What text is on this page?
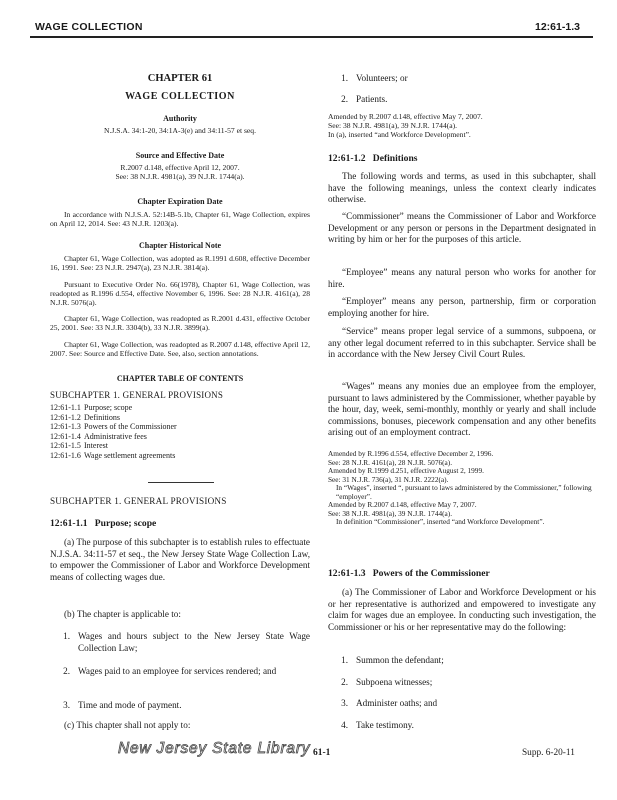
WAGE COLLECTION	12:61-1.3
CHAPTER 61
WAGE COLLECTION
Authority
N.J.S.A. 34:1-20, 34:1A-3(e) and 34:11-57 et seq.
Source and Effective Date
R.2007 d.148, effective April 12, 2007.
See: 38 N.J.R. 4981(a), 39 N.J.R. 1744(a).
Chapter Expiration Date
In accordance with N.J.S.A. 52:14B-5.1b, Chapter 61, Wage Collection, expires on April 12, 2014. See: 43 N.J.R. 1203(a).
Chapter Historical Note
Chapter 61, Wage Collection, was adopted as R.1991 d.608, effective December 16, 1991. See: 23 N.J.R. 2947(a), 23 N.J.R. 3814(a).
Pursuant to Executive Order No. 66(1978), Chapter 61, Wage Collection, was readopted as R.1996 d.554, effective November 6, 1996. See: 28 N.J.R. 4161(a), 28 N.J.R. 5076(a).
Chapter 61, Wage Collection, was readopted as R.2001 d.431, effective October 25, 2001. See: 33 N.J.R. 3304(b), 33 N.J.R. 3899(a).
Chapter 61, Wage Collection, was readopted as R.2007 d.148, effective April 12, 2007. See: Source and Effective Date. See, also, section annotations.
CHAPTER TABLE OF CONTENTS
SUBCHAPTER 1. GENERAL PROVISIONS
12:61-1.1 Purpose; scope
12:61-1.2 Definitions
12:61-1.3 Powers of the Commissioner
12:61-1.4 Administrative fees
12:61-1.5 Interest
12:61-1.6 Wage settlement agreements
SUBCHAPTER 1. GENERAL PROVISIONS
12:61-1.1   Purpose; scope
(a) The purpose of this subchapter is to establish rules to effectuate N.J.S.A. 34:11-57 et seq., the New Jersey State Wage Collection Law, to empower the Commissioner of Labor and Workforce Development means of collecting wages due.
(b) The chapter is applicable to:
1. Wages and hours subject to the New Jersey State Wage Collection Law;
2. Wages paid to an employee for services rendered; and
3. Time and mode of payment.
(c) This chapter shall not apply to:
1. Volunteers; or
2. Patients.
Amended by R.2007 d.148, effective May 7, 2007.
See: 38 N.J.R. 4981(a), 39 N.J.R. 1744(a).
In (a), inserted “and Workforce Development”.
12:61-1.2   Definitions
The following words and terms, as used in this subchapter, shall have the following meanings, unless the context clearly indicates otherwise.
“Commissioner” means the Commissioner of Labor and Workforce Development or any person or persons in the Department designated in writing by him or her for the purposes of this article.
“Employee” means any natural person who works for another for hire.
“Employer” means any person, partnership, firm or corporation employing another for hire.
“Service” means proper legal service of a summons, subpoena, or any other legal document referred to in this subchapter. Service shall be in accordance with the New Jersey Civil Court Rules.
“Wages” means any monies due an employee from the employer, pursuant to laws administered by the Commissioner, whether payable by the hour, day, week, semi-monthly, monthly or yearly and shall include commissions, bonuses, piecework compensation and any other benefits arising out of an employment contract.
Amended by R.1996 d.554, effective December 2, 1996.
See: 28 N.J.R. 4161(a), 28 N.J.R. 5076(a).
Amended by R.1999 d.251, effective August 2, 1999.
See: 31 N.J.R. 736(a), 31 N.J.R. 2222(a).
In “Wages”, inserted “, pursuant to laws administered by the Commissioner,” following “employer”.
Amended by R.2007 d.148, effective May 7, 2007.
See: 38 N.J.R. 4981(a), 39 N.J.R. 1744(a).
In definition “Commissioner”, inserted “and Workforce Development”.
12:61-1.3   Powers of the Commissioner
(a) The Commissioner of Labor and Workforce Development or his or her representative is authorized and empowered to investigate any claim for wages due an employee. In conducting such investigation, the Commissioner or his or her representative may do the following:
1. Summon the defendant;
2. Subpoena witnesses;
3. Administer oaths; and
4. Take testimony.
New Jersey State Library 61-1	Supp. 6-20-11
